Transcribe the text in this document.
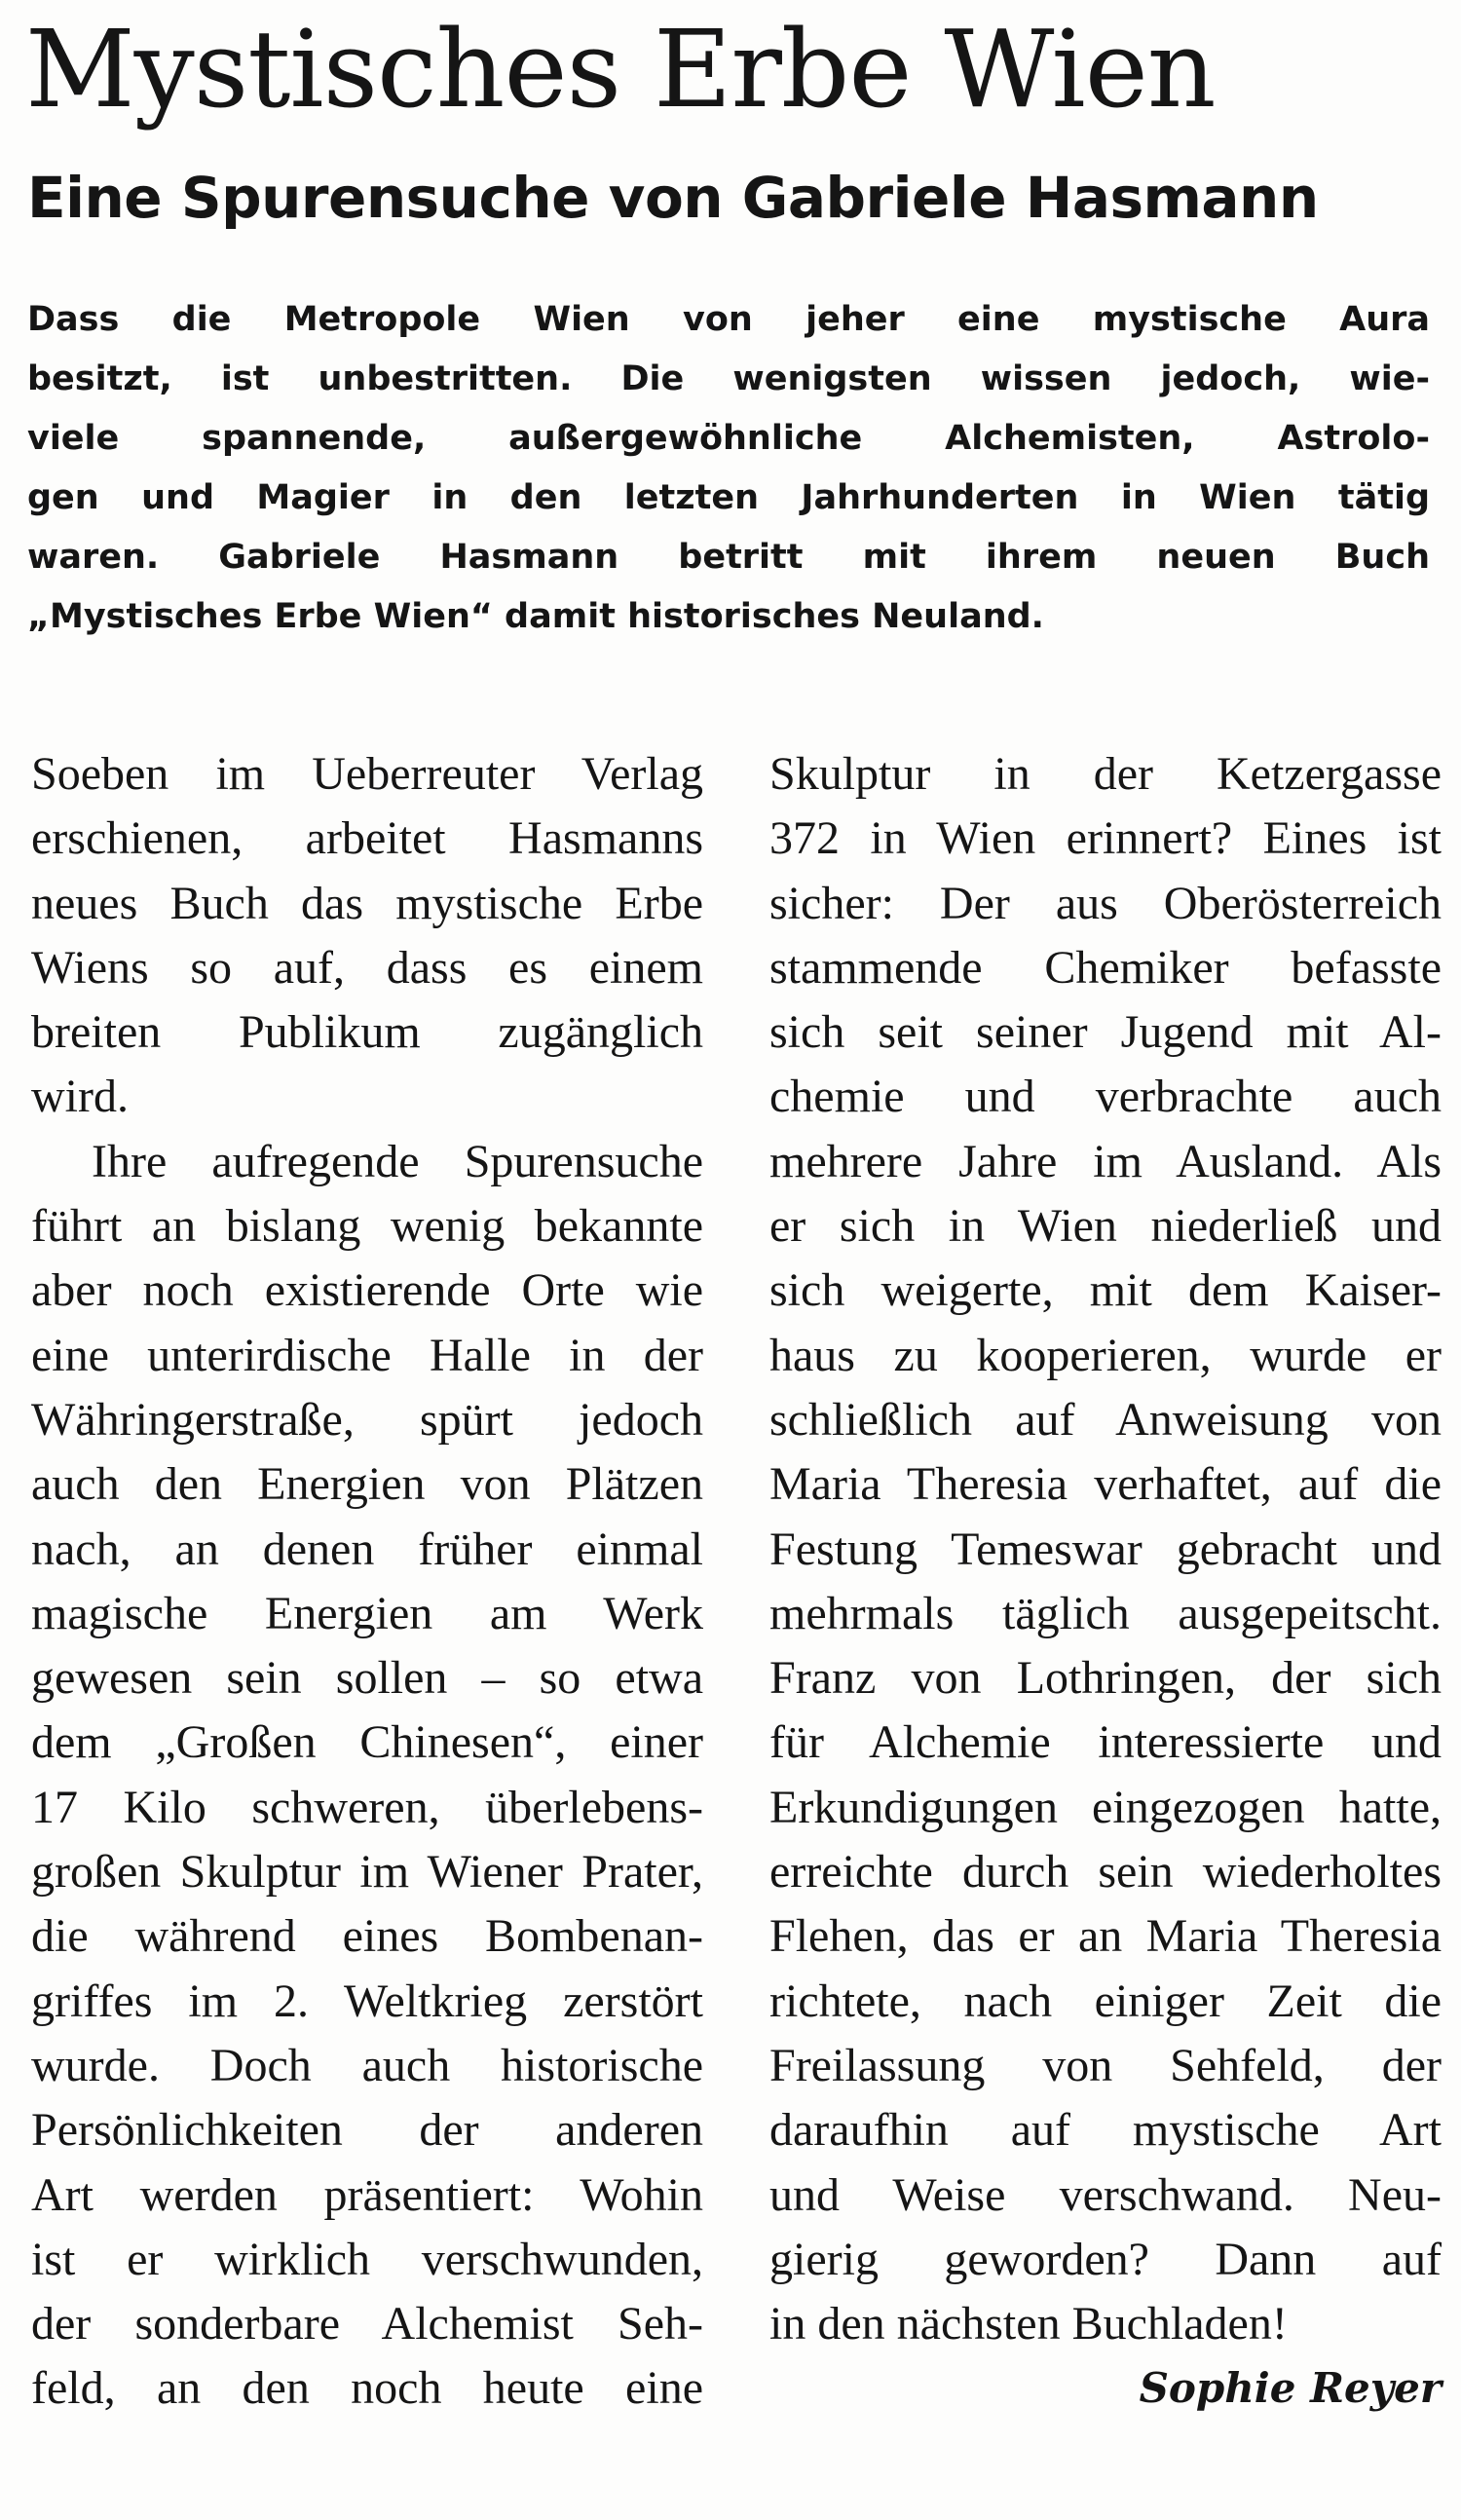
Mystisches Erbe Wien
Eine Spurensuche von Gabriele Hasmann
Dass die Metropole Wien von jeher eine mystische Aura
besitzt, ist unbestritten. Die wenigsten wissen jedoch, wie-
viele spannende, außergewöhnliche Alchemisten, Astrolo-
gen und Magier in den letzten Jahrhunderten in Wien tätig
waren. Gabriele Hasmann betritt mit ihrem neuen Buch
„Mystisches Erbe Wien“ damit historisches Neuland.
Soeben im Ueberreuter Verlag
erschienen, arbeitet Hasmanns
neues Buch das mystische Erbe
Wiens so auf, dass es einem
breiten Publikum zugänglich
wird.
Ihre aufregende Spurensuche
führt an bislang wenig bekannte
aber noch existierende Orte wie
eine unterirdische Halle in der
Währingerstraße, spürt jedoch
auch den Energien von Plätzen
nach, an denen früher einmal
magische Energien am Werk
gewesen sein sollen – so etwa
dem „Großen Chinesen“, einer
17 Kilo schweren, überlebens-
großen Skulptur im Wiener Prater,
die während eines Bombenan-
griffes im 2. Weltkrieg zerstört
wurde. Doch auch historische
Persönlichkeiten der anderen
Art werden präsentiert: Wohin
ist er wirklich verschwunden,
der sonderbare Alchemist Seh-
feld, an den noch heute eine
Skulptur in der Ketzergasse
372 in Wien erinnert? Eines ist
sicher: Der aus Oberösterreich
stammende Chemiker befasste
sich seit seiner Jugend mit Al-
chemie und verbrachte auch
mehrere Jahre im Ausland. Als
er sich in Wien niederließ und
sich weigerte, mit dem Kaiser-
haus zu kooperieren, wurde er
schließlich auf Anweisung von
Maria Theresia verhaftet, auf die
Festung Temeswar gebracht und
mehrmals täglich ausgepeitscht.
Franz von Lothringen, der sich
für Alchemie interessierte und
Erkundigungen eingezogen hatte,
erreichte durch sein wiederholtes
Flehen, das er an Maria Theresia
richtete, nach einiger Zeit die
Freilassung von Sehfeld, der
daraufhin auf mystische Art
und Weise verschwand. Neu-
gierig geworden? Dann auf
in den nächsten Buchladen!
Sophie Reyer
